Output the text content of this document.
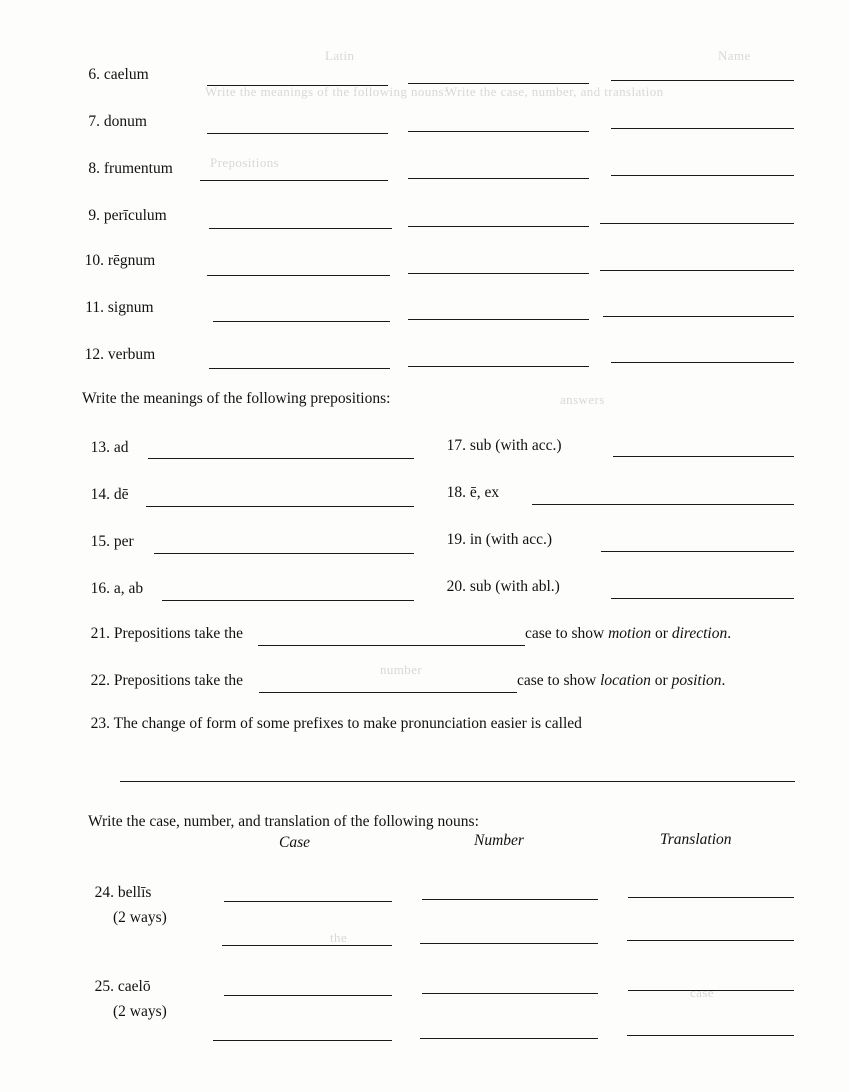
Latin	Name
Write the meanings of the following nouns:
Write the case, number, and translation
Prepositions
answers
number
the
case
6. caelum
7. donum
8. frumentum
9. perīculum
10. rēgnum
11. signum
12. verbum
Write the meanings of the following prepositions:
13. ad
14. dē
15. per
16. a, ab
17. sub (with acc.)
18. ē, ex
19. in (with acc.)
20. sub (with abl.)
21. Prepositions take the	case to show motion or direction.
22. Prepositions take the	case to show location or position.
23. The change of form of some prefixes to make pronunciation easier is called
Write the case, number, and translation of the following nouns:
Case	Number	Translation
24. bellīs
(2 ways)
25. caelō
(2 ways)
